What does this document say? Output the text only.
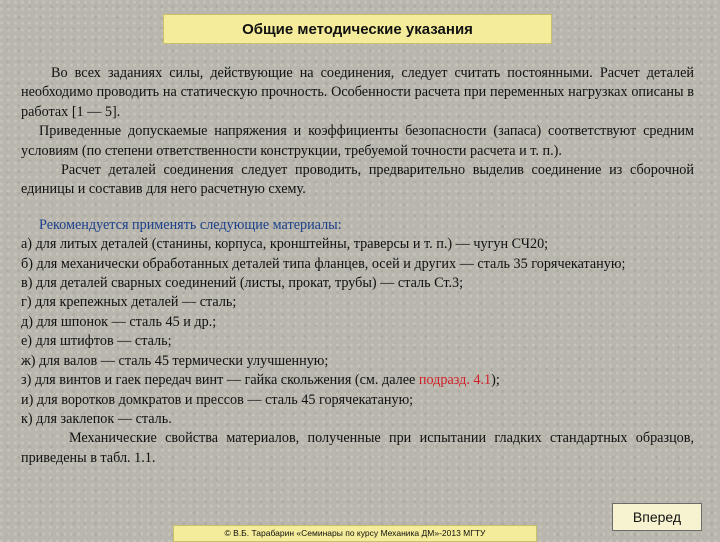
Общие методические указания

Во всех заданиях силы, действующие на соединения, следует считать постоянными. Расчет деталей необходимо проводить на статическую прочность. Особенности расчета при переменных нагрузках описаны в работах [1 — 5].

Приведенные допускаемые напряжения и коэффициенты безопасности (запаса) соответствуют средним условиям (по степени ответственности конструкции, требуемой точности расчета и т. п.).

Расчет деталей соединения следует проводить, предварительно выделив соединение из сборочной единицы и составив для него расчетную схему.

Рекомендуется применять следующие материалы:

а) для литых деталей (станины, корпуса, кронштейны, траверсы и т. п.) — чугун СЧ20;

б) для механически обработанных деталей типа фланцев, осей и других — сталь 35 горячекатаную;

в) для деталей сварных соединений (листы, прокат, трубы) — сталь Ст.3;

г) для крепежных деталей — сталь;

д) для шпонок — сталь 45 и др.;

е) для штифтов — сталь;

ж) для валов — сталь 45 термически улучшенную;

з) для винтов и гаек передач винт — гайка скольжения (см. далее подразд. 4.1);

и) для воротков домкратов и прессов — сталь 45 горячекатаную;

к) для заклепок — сталь.

Механические свойства материалов, полученные при испытании гладких стандартных образцов, приведены в табл. 1.1.

Вперед
© В.Б. Тарабарин «Семинары по курсу Механика ДМ»-2013 МГТУ
